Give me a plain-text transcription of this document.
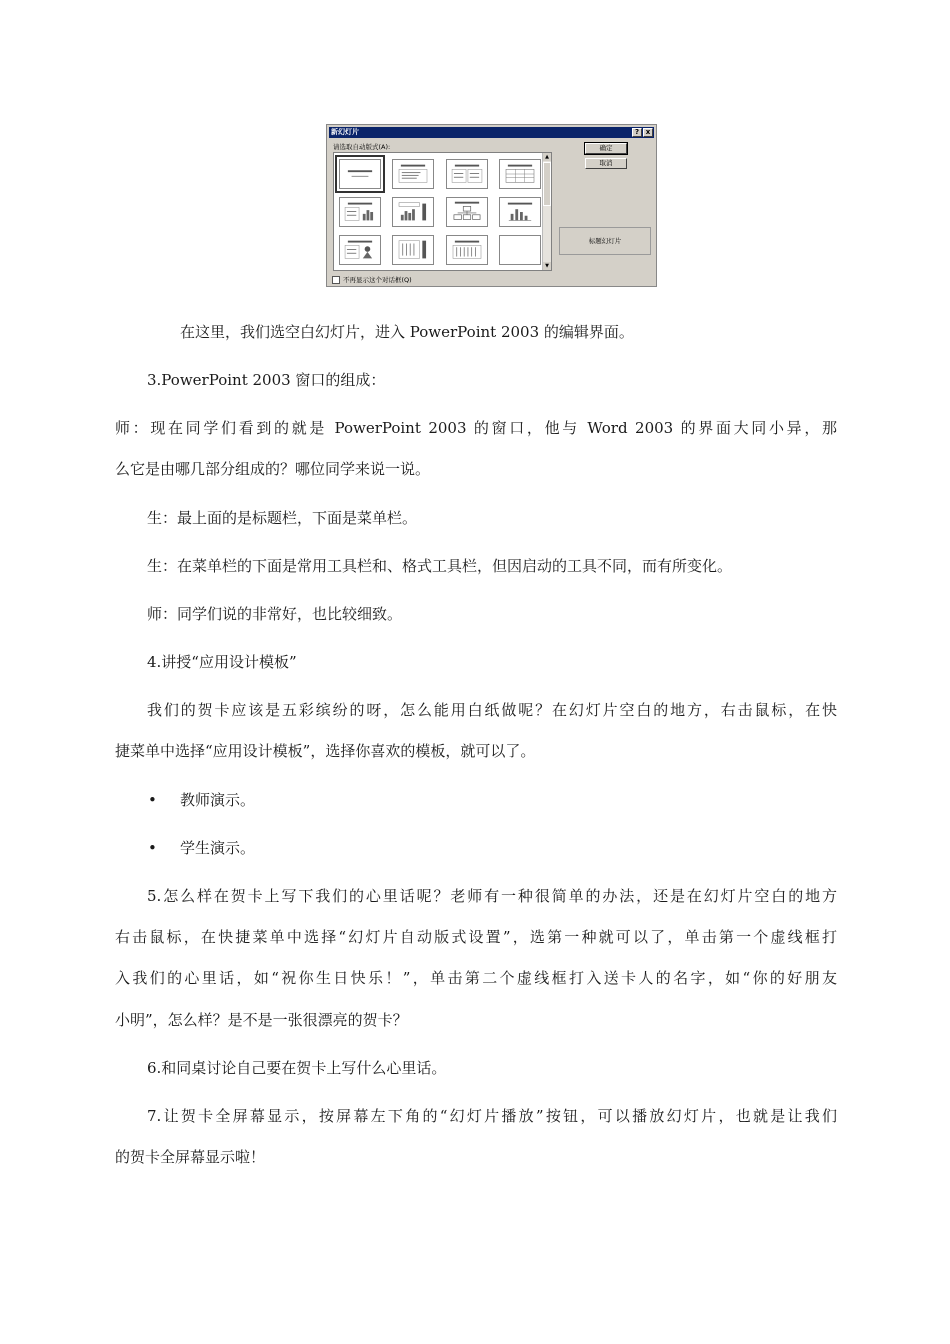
新幻灯片	? x
请选取自动版式(A):
▲
▼
确定
取消
标题幻灯片
不再显示这个对话框(Q)

在这里，我们选空白幻灯片，进入 PowerPoint 2003 的编辑界面。

3.PowerPoint 2003 窗口的组成：

师：现在同学们看到的就是 PowerPoint 2003 的窗口，他与 Word 2003 的界面大同小异，那

么它是由哪几部分组成的？哪位同学来说一说。

生：最上面的是标题栏，下面是菜单栏。

生：在菜单栏的下面是常用工具栏和、格式工具栏，但因启动的工具不同，而有所变化。

师：同学们说的非常好，也比较细致。

4.讲授“应用设计模板”

我们的贺卡应该是五彩缤纷的呀，怎么能用白纸做呢？在幻灯片空白的地方，右击鼠标，在快

捷菜单中选择“应用设计模板”，选择你喜欢的模板，就可以了。

• 教师演示。

• 学生演示。

5.怎么样在贺卡上写下我们的心里话呢？老师有一种很简单的办法，还是在幻灯片空白的地方

右击鼠标，在快捷菜单中选择“幻灯片自动版式设置”，选第一种就可以了，单击第一个虚线框打

入我们的心里话，如“祝你生日快乐！”，单击第二个虚线框打入送卡人的名字，如“你的好朋友

小明”，怎么样？是不是一张很漂亮的贺卡？

6.和同桌讨论自己要在贺卡上写什么心里话。

7.让贺卡全屏幕显示，按屏幕左下角的“幻灯片播放”按钮，可以播放幻灯片，也就是让我们

的贺卡全屏幕显示啦！
